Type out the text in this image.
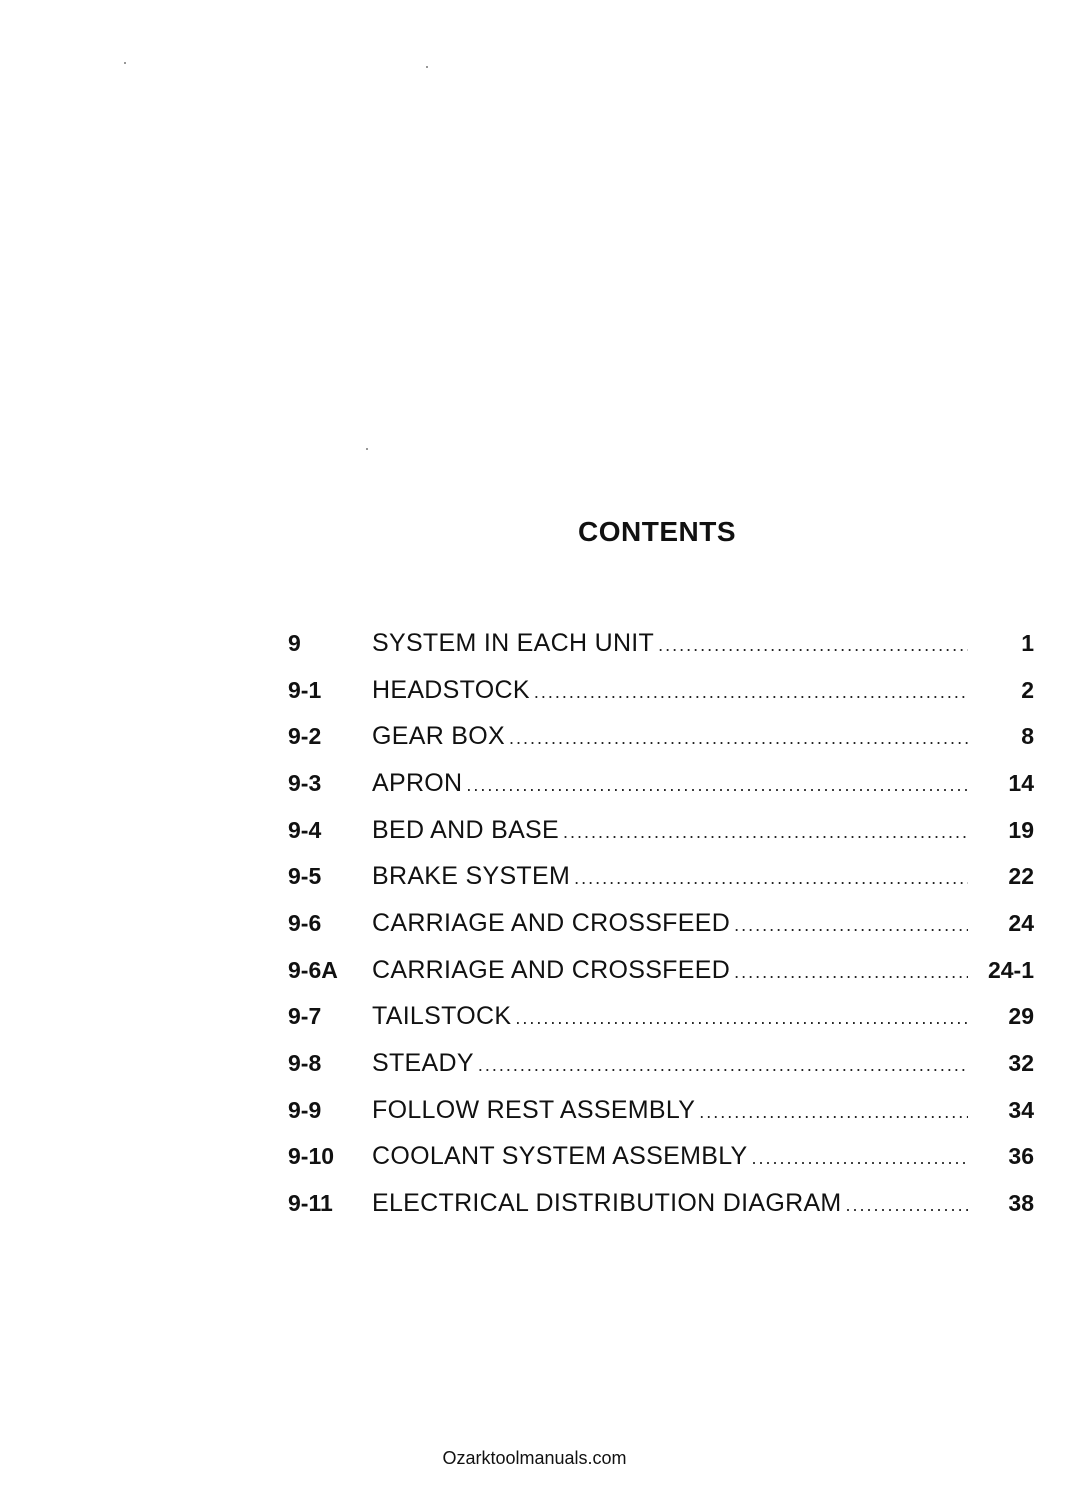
CONTENTS
9	SYSTEM IN EACH UNIT .....	1
9-1	HEADSTOCK .....	2
9-2	GEAR BOX .....	8
9-3	APRON .....	14
9-4	BED AND BASE .....	19
9-5	BRAKE SYSTEM .....	22
9-6	CARRIAGE AND CROSSFEED .....	24
9-6A	CARRIAGE AND CROSSFEED .....	24-1
9-7	TAILSTOCK .....	29
9-8	STEADY .....	32
9-9	FOLLOW REST ASSEMBLY .....	34
9-10	COOLANT SYSTEM ASSEMBLY .....	36
9-11	ELECTRICAL DISTRIBUTION DIAGRAM .....	38
Ozarktoolmanuals.com
